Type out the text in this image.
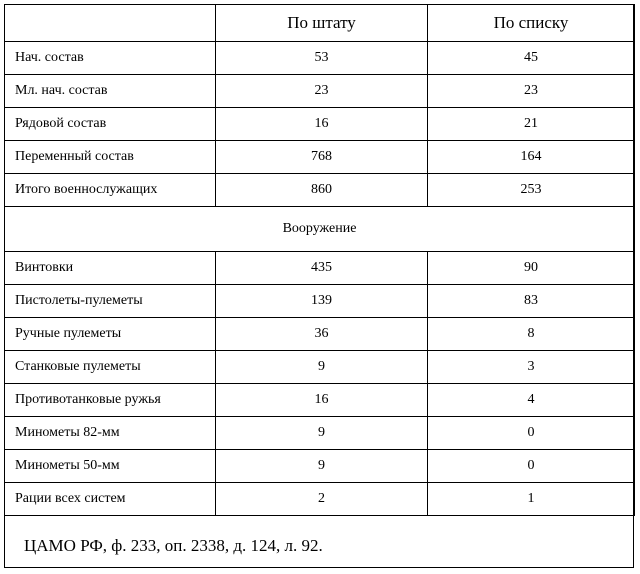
	По штату	По списку
Нач. состав	53	45
Мл. нач. состав	23	23
Рядовой состав	16	21
Переменный состав	768	164
Итого военнослужащих	860	253
Вооружение		
Винтовки	435	90
Пистолеты-пулеметы	139	83
Ручные пулеметы	36	8
Станковые пулеметы	9	3
Противотанковые ружья	16	4
Минометы 82-мм	9	0
Минометы 50-мм	9	0
Рации всех систем	2	1
ЦАМО РФ, ф. 233, оп. 2338, д. 124, л. 92.
